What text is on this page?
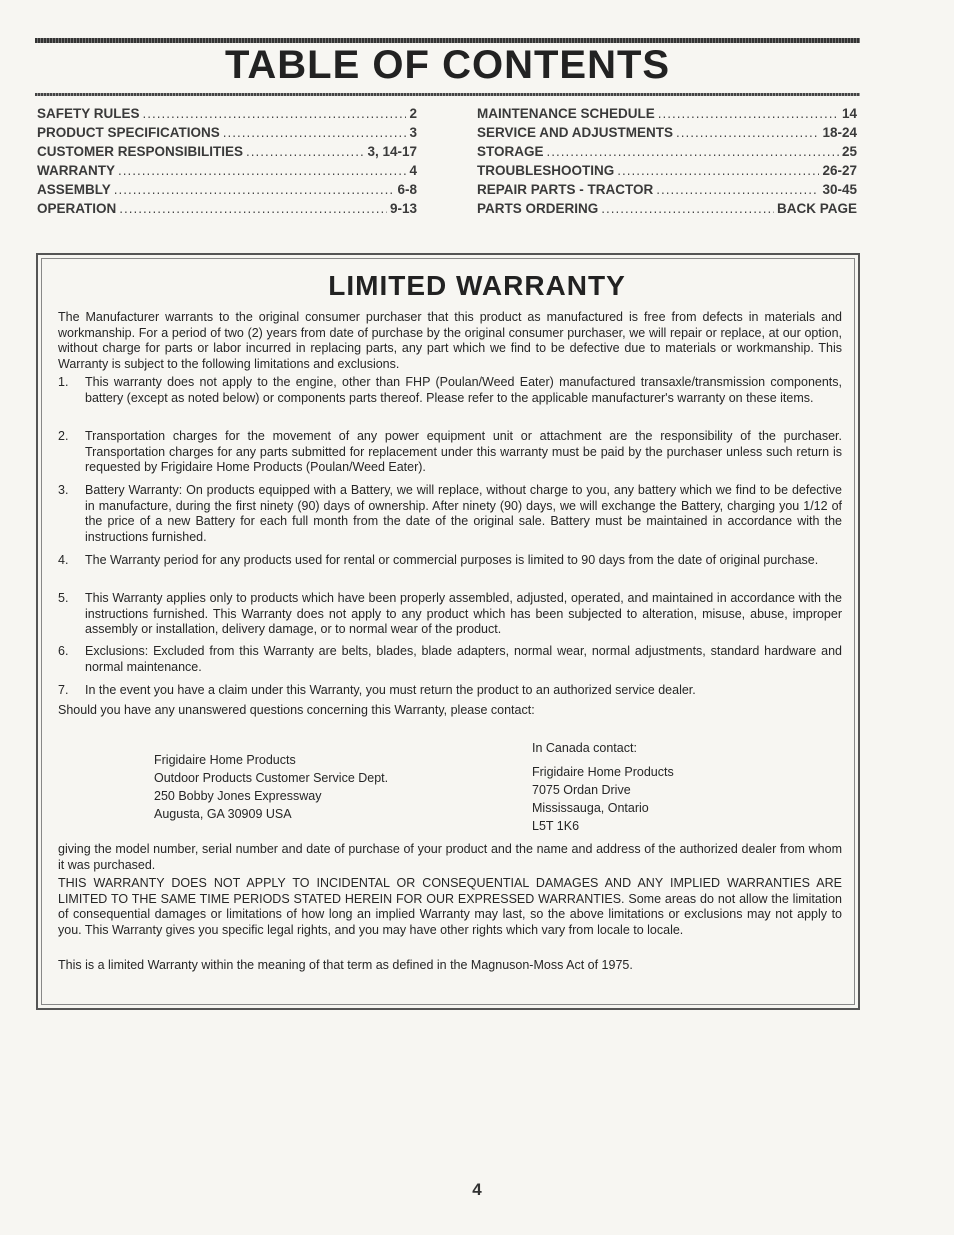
TABLE OF CONTENTS
SAFETY RULES .....	2
PRODUCT SPECIFICATIONS .....	3
CUSTOMER RESPONSIBILITIES .....	3, 14-17
WARRANTY .....	4
ASSEMBLY .....	6-8
OPERATION .....	9-13
MAINTENANCE SCHEDULE .....	14
SERVICE AND ADJUSTMENTS .....	18-24
STORAGE .....	25
TROUBLESHOOTING .....	26-27
REPAIR PARTS - TRACTOR .....	30-45
PARTS ORDERING .....	BACK PAGE
LIMITED WARRANTY
The Manufacturer warrants to the original consumer purchaser that this product as manufactured is free from defects in materials and workmanship. For a period of two (2) years from date of purchase by the original consumer purchaser, we will repair or replace, at our option, without charge for parts or labor incurred in replacing parts, any part which we find to be defective due to materials or workmanship. This Warranty is subject to the following limitations and exclusions.
1. This warranty does not apply to the engine, other than FHP (Poulan/Weed Eater) manufactured transaxle/transmission components, battery (except as noted below) or components parts thereof. Please refer to the applicable manufacturer's warranty on these items.
2. Transportation charges for the movement of any power equipment unit or attachment are the responsibility of the purchaser. Transportation charges for any parts submitted for replacement under this warranty must be paid by the purchaser unless such return is requested by Frigidaire Home Products (Poulan/Weed Eater).
3. Battery Warranty: On products equipped with a Battery, we will replace, without charge to you, any battery which we find to be defective in manufacture, during the first ninety (90) days of ownership. After ninety (90) days, we will exchange the Battery, charging you 1/12 of the price of a new Battery for each full month from the date of the original sale. Battery must be maintained in accordance with the instructions furnished.
4. The Warranty period for any products used for rental or commercial purposes is limited to 90 days from the date of original purchase.
5. This Warranty applies only to products which have been properly assembled, adjusted, operated, and maintained in accordance with the instructions furnished. This Warranty does not apply to any product which has been subjected to alteration, misuse, abuse, improper assembly or installation, delivery damage, or to normal wear of the product.
6. Exclusions: Excluded from this Warranty are belts, blades, blade adapters, normal wear, normal adjustments, standard hardware and normal maintenance.
7. In the event you have a claim under this Warranty, you must return the product to an authorized service dealer.
Should you have any unanswered questions concerning this Warranty, please contact:
Frigidaire Home Products
Outdoor Products Customer Service Dept.
250 Bobby Jones Expressway
Augusta, GA 30909 USA
In Canada contact:
Frigidaire Home Products
7075 Ordan Drive
Mississauga, Ontario
L5T 1K6
giving the model number, serial number and date of purchase of your product and the name and address of the authorized dealer from whom it was purchased.
THIS WARRANTY DOES NOT APPLY TO INCIDENTAL OR CONSEQUENTIAL DAMAGES AND ANY IMPLIED WARRANTIES ARE LIMITED TO THE SAME TIME PERIODS STATED HEREIN FOR OUR EXPRESSED WARRANTIES. Some areas do not allow the limitation of consequential damages or limitations of how long an implied Warranty may last, so the above limitations or exclusions may not apply to you. This Warranty gives you specific legal rights, and you may have other rights which vary from locale to locale.
This is a limited Warranty within the meaning of that term as defined in the Magnuson-Moss Act of 1975.
4
